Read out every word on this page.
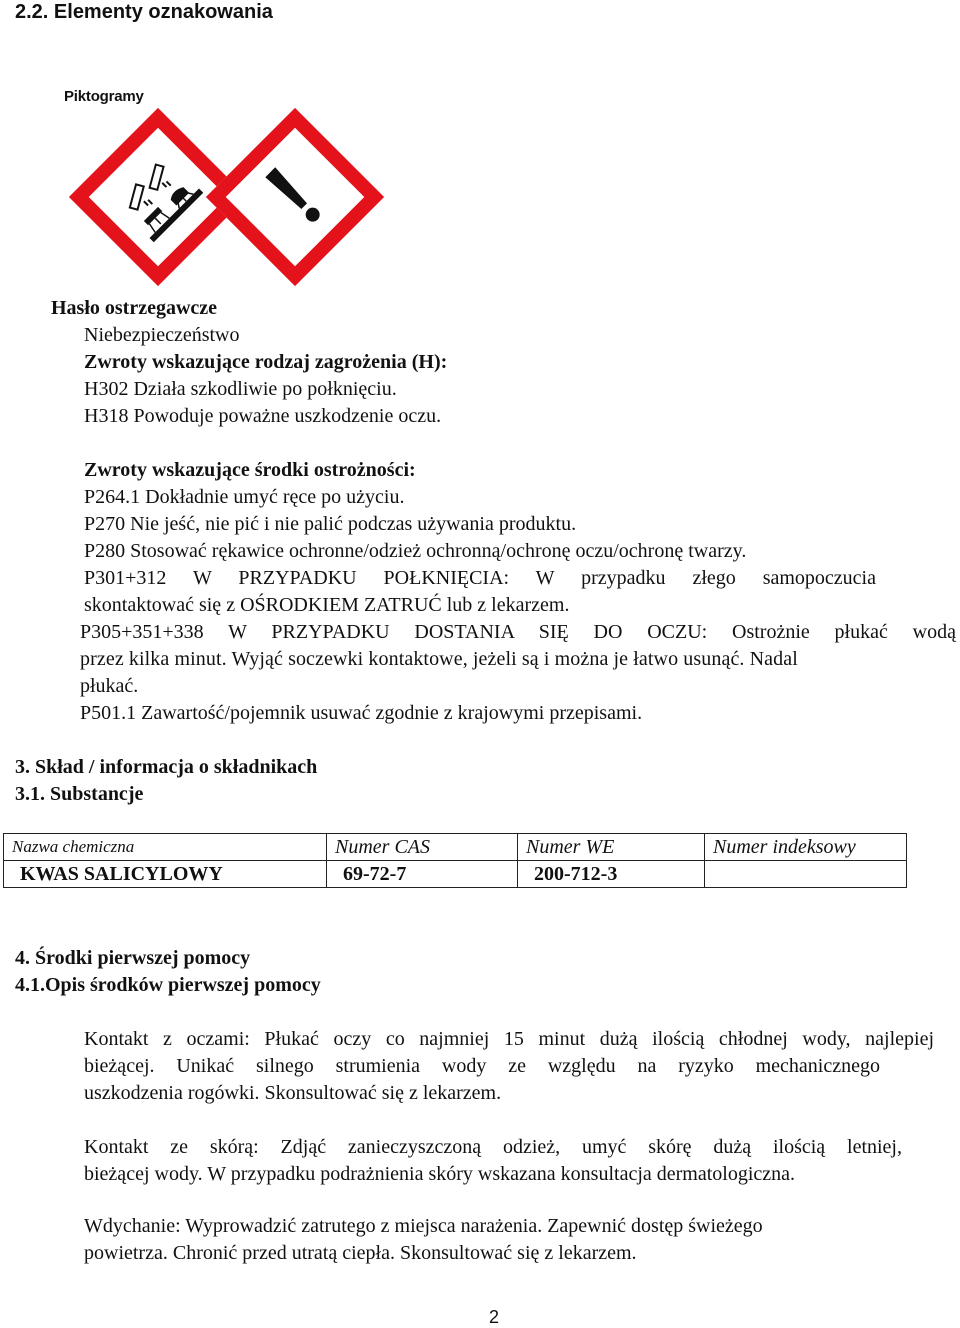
2.2. Elementy oznakowania
Piktogramy
Hasło ostrzegawcze
Niebezpieczeństwo
Zwroty wskazujące rodzaj zagrożenia (H):
H302 Działa szkodliwie po połknięciu.
H318 Powoduje poważne uszkodzenie oczu.
Zwroty wskazujące środki ostrożności:
P264.1 Dokładnie umyć ręce po użyciu.
P270 Nie jeść, nie pić i nie palić podczas używania produktu.
P280 Stosować rękawice ochronne/odzież ochronną/ochronę oczu/ochronę twarzy.
P301+312 W PRZYPADKU POŁKNIĘCIA: W przypadku złego samopoczucia
skontaktować się z OŚRODKIEM ZATRUĆ lub z lekarzem.
P305+351+338 W PRZYPADKU DOSTANIA SIĘ DO OCZU: Ostrożnie płukać wodą
przez kilka minut. Wyjąć soczewki kontaktowe, jeżeli są i można je łatwo usunąć. Nadal
płukać.
P501.1 Zawartość/pojemnik usuwać zgodnie z krajowymi przepisami.
3. Skład / informacja o składnikach
3.1. Substancje
Nazwa chemiczna	Numer CAS	Numer WE	Numer indeksowy
KWAS SALICYLOWY	69-72-7	200-712-3	
4. Środki pierwszej pomocy
4.1.Opis środków pierwszej pomocy
Kontakt z oczami: Płukać oczy co najmniej 15 minut dużą ilością chłodnej wody, najlepiej
bieżącej. Unikać silnego strumienia wody ze względu na ryzyko mechanicznego
uszkodzenia rogówki. Skonsultować się z lekarzem.
Kontakt ze skórą: Zdjąć zanieczyszczoną odzież, umyć skórę dużą ilością letniej,
bieżącej wody. W przypadku podrażnienia skóry wskazana konsultacja dermatologiczna.
Wdychanie: Wyprowadzić zatrutego z miejsca narażenia. Zapewnić dostęp świeżego
powietrza. Chronić przed utratą ciepła. Skonsultować się z lekarzem.
2
